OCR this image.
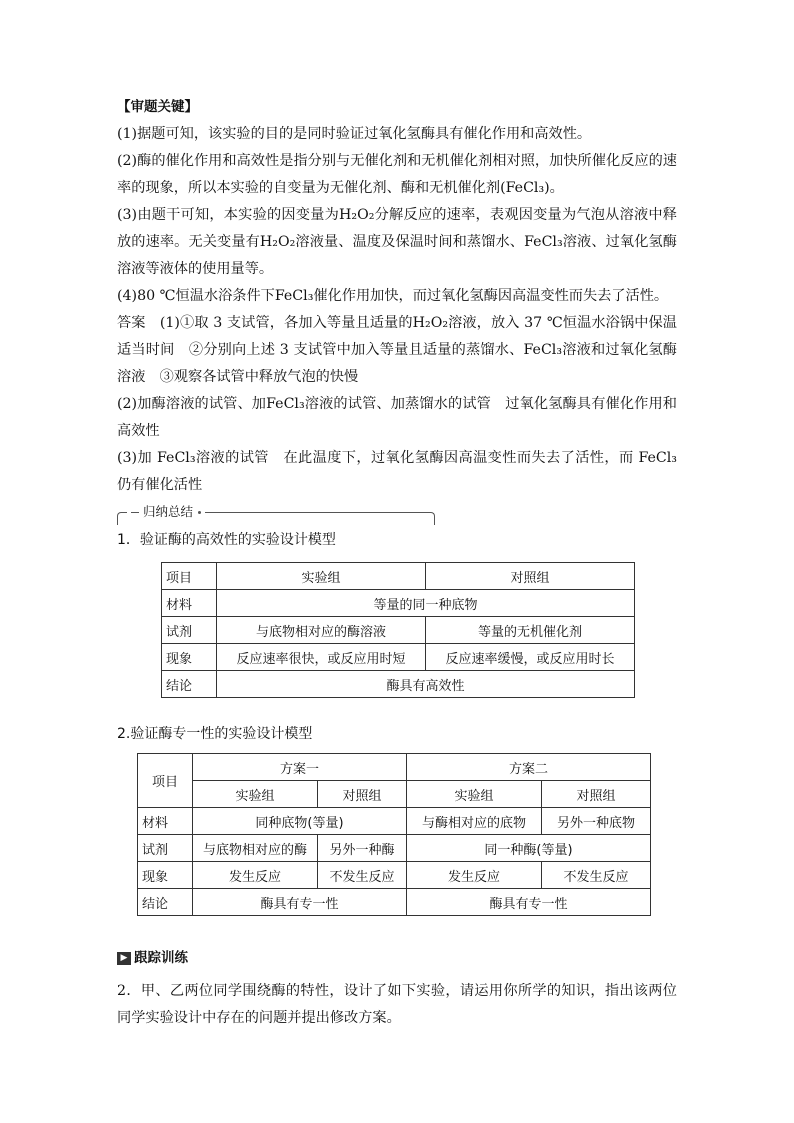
【审题关键】
(1)据题可知，该实验的目的是同时验证过氧化氢酶具有催化作用和高效性。
(2)酶的催化作用和高效性是指分别与无催化剂和无机催化剂相对照，加快所催化反应的速率的现象，所以本实验的自变量为无催化剂、酶和无机催化剂(FeCl₃)。
(3)由题干可知，本实验的因变量为H₂O₂分解反应的速率，表观因变量为气泡从溶液中释放的速率。无关变量有H₂O₂溶液量、温度及保温时间和蒸馏水、FeCl₃溶液、过氧化氢酶溶液等液体的使用量等。
(4)80 ℃恒温水浴条件下FeCl₃催化作用加快，而过氧化氢酶因高温变性而失去了活性。
答案　(1)①取 3 支试管，各加入等量且适量的H₂O₂溶液，放入 37 ℃恒温水浴锅中保温适当时间　②分别向上述 3 支试管中加入等量且适量的蒸馏水、FeCl₃溶液和过氧化氢酶溶液　③观察各试管中释放气泡的快慢
(2)加酶溶液的试管、加FeCl₃溶液的试管、加蒸馏水的试管　过氧化氢酶具有催化作用和高效性
(3)加 FeCl₃溶液的试管　在此温度下，过氧化氢酶因高温变性而失去了活性，而 FeCl₃仍有催化活性
归纳总结
1．验证酶的高效性的实验设计模型
项目	实验组	对照组
材料	等量的同一种底物	
试剂	与底物相对应的酶溶液	等量的无机催化剂
现象	反应速率很快，或反应用时短	反应速率缓慢，或反应用时长
结论	酶具有高效性	
2.验证酶专一性的实验设计模型
项目	方案一		方案二	
	实验组	对照组	实验组	对照组
材料	同种底物(等量)		与酶相对应的底物	另外一种底物
试剂	与底物相对应的酶	另外一种酶	同一种酶(等量)	
现象	发生反应	不发生反应	发生反应	不发生反应
结论	酶具有专一性		酶具有专一性	
▶ 跟踪训练
2．甲、乙两位同学围绕酶的特性，设计了如下实验，请运用你所学的知识，指出该两位同学实验设计中存在的问题并提出修改方案。
